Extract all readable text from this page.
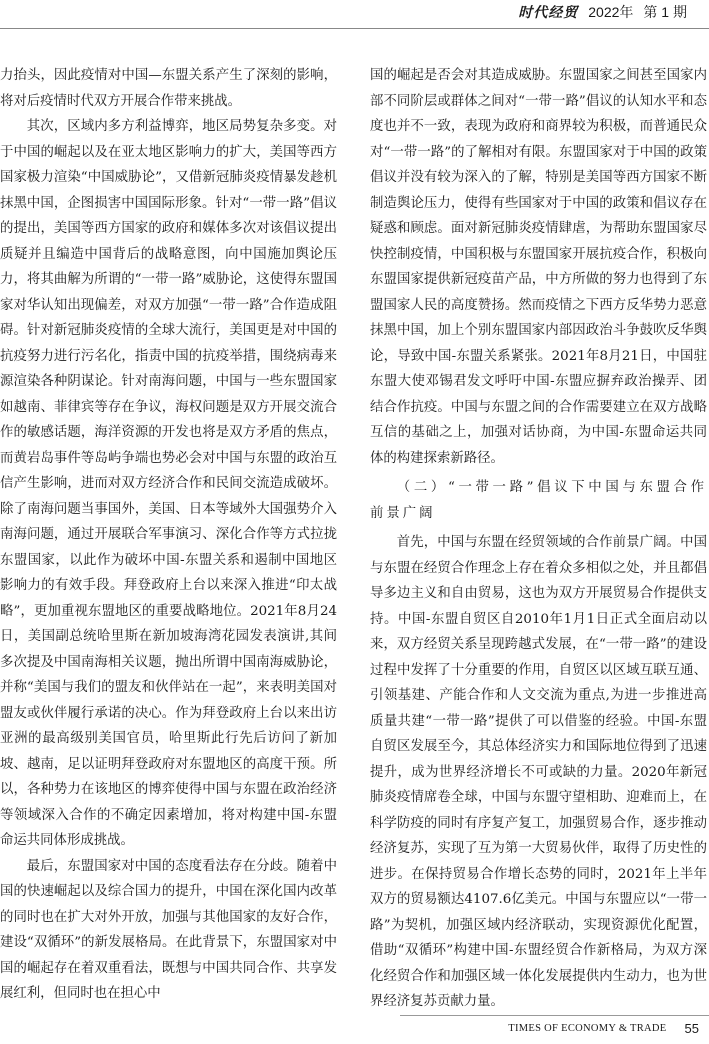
时代经贸 2022年 第 1 期

力抬头，因此疫情对中国—东盟关系产生了深刻的影响，将对后疫情时代双方开展合作带来挑战。

其次，区域内多方利益博弈，地区局势复杂多变。对于中国的崛起以及在亚太地区影响力的扩大，美国等西方国家极力渲染“中国威胁论”，又借新冠肺炎疫情暴发趁机抹黑中国，企图损害中国国际形象。针对“一带一路”倡议的提出，美国等西方国家的政府和媒体多次对该倡议提出质疑并且编造中国背后的战略意图，向中国施加舆论压力，将其曲解为所谓的“一带一路”威胁论，这使得东盟国家对华认知出现偏差，对双方加强“一带一路”合作造成阻碍。针对新冠肺炎疫情的全球大流行，美国更是对中国的抗疫努力进行污名化，指责中国的抗疫举措，围绕病毒来源渲染各种阴谋论。针对南海问题，中国与一些东盟国家如越南、菲律宾等存在争议，海权问题是双方开展交流合作的敏感话题，海洋资源的开发也将是双方矛盾的焦点，而黄岩岛事件等岛屿争端也势必会对中国与东盟的政治互信产生影响，进而对双方经济合作和民间交流造成破坏。除了南海问题当事国外，美国、日本等域外大国强势介入南海问题，通过开展联合军事演习、深化合作等方式拉拢东盟国家，以此作为破坏中国-东盟关系和遏制中国地区影响力的有效手段。拜登政府上台以来深入推进“印太战略”，更加重视东盟地区的重要战略地位。2021年8月24日，美国副总统哈里斯在新加坡海湾花园发表演讲,其间多次提及中国南海相关议题，抛出所谓中国南海威胁论，并称“美国与我们的盟友和伙伴站在一起”，来表明美国对盟友或伙伴履行承诺的决心。作为拜登政府上台以来出访亚洲的最高级别美国官员，哈里斯此行先后访问了新加坡、越南，足以证明拜登政府对东盟地区的高度干预。所以，各种势力在该地区的博弈使得中国与东盟在政治经济等领域深入合作的不确定因素增加，将对构建中国-东盟命运共同体形成挑战。

最后，东盟国家对中国的态度看法存在分歧。随着中国的快速崛起以及综合国力的提升，中国在深化国内改革的同时也在扩大对外开放，加强与其他国家的友好合作，建设“双循环”的新发展格局。在此背景下，东盟国家对中国的崛起存在着双重看法，既想与中国共同合作、共享发展红利，但同时也在担心中

国的崛起是否会对其造成威胁。东盟国家之间甚至国家内部不同阶层或群体之间对“一带一路”倡议的认知水平和态度也并不一致，表现为政府和商界较为积极，而普通民众对“一带一路”的了解相对有限。东盟国家对于中国的政策倡议并没有较为深入的了解，特别是美国等西方国家不断制造舆论压力，使得有些国家对于中国的政策和倡议存在疑惑和顾虑。面对新冠肺炎疫情肆虐，为帮助东盟国家尽快控制疫情，中国积极与东盟国家开展抗疫合作，积极向东盟国家提供新冠疫苗产品，中方所做的努力也得到了东盟国家人民的高度赞扬。然而疫情之下西方反华势力恶意抹黑中国，加上个别东盟国家内部因政治斗争鼓吹反华舆论，导致中国-东盟关系紧张。2021年8月21日，中国驻东盟大使邓锡君发文呼吁中国-东盟应摒弃政治操弄、团结合作抗疫。中国与东盟之间的合作需要建立在双方战略互信的基础之上，加强对话协商，为中国-东盟命运共同体的构建探索新路径。

（二）“一带一路”倡议下中国与东盟合作前景广阔

首先，中国与东盟在经贸领域的合作前景广阔。中国与东盟在经贸合作理念上存在着众多相似之处，并且都倡导多边主义和自由贸易，这也为双方开展贸易合作提供支持。中国-东盟自贸区自2010年1月1日正式全面启动以来，双方经贸关系呈现跨越式发展，在“一带一路”的建设过程中发挥了十分重要的作用，自贸区以区域互联互通、引领基建、产能合作和人文交流为重点,为进一步推进高质量共建“一带一路”提供了可以借鉴的经验。中国-东盟自贸区发展至今，其总体经济实力和国际地位得到了迅速提升，成为世界经济增长不可或缺的力量。2020年新冠肺炎疫情席卷全球，中国与东盟守望相助、迎难而上，在科学防疫的同时有序复产复工，加强贸易合作，逐步推动经济复苏，实现了互为第一大贸易伙伴，取得了历史性的进步。在保持贸易合作增长态势的同时，2021年上半年双方的贸易额达4107.6亿美元。中国与东盟应以“一带一路”为契机，加强区域内经济联动，实现资源优化配置，借助“双循环”构建中国-东盟经贸合作新格局，为双方深化经贸合作和加强区域一体化发展提供内生动力，也为世界经济复苏贡献力量。

TIMES OF ECONOMY & TRADE 55
